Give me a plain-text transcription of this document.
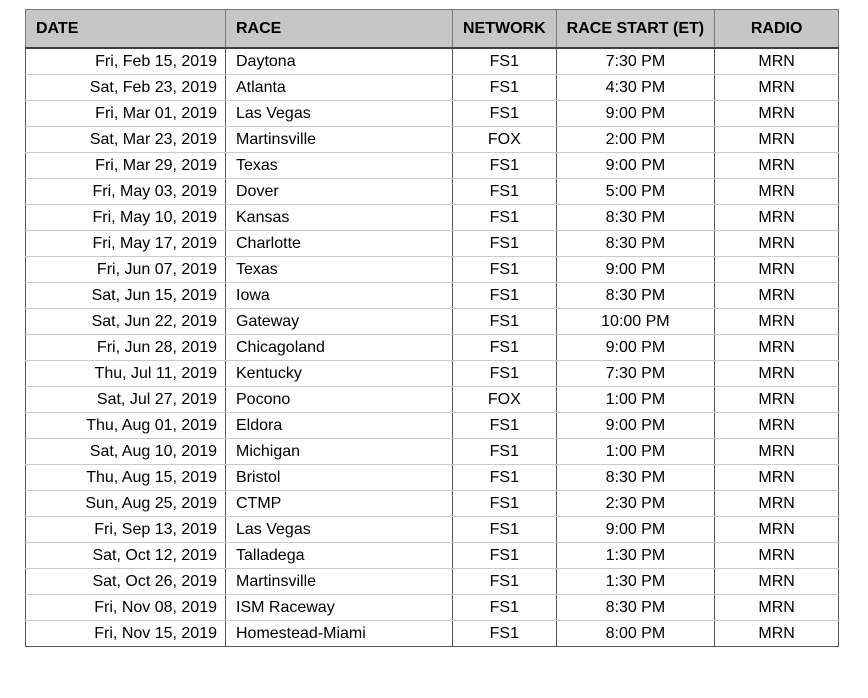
DATE	RACE	NETWORK	RACE START (ET)	RADIO
Fri, Feb 15, 2019	Daytona	FS1	7:30 PM	MRN
Sat, Feb 23, 2019	Atlanta	FS1	4:30 PM	MRN
Fri, Mar 01, 2019	Las Vegas	FS1	9:00 PM	MRN
Sat, Mar 23, 2019	Martinsville	FOX	2:00 PM	MRN
Fri, Mar 29, 2019	Texas	FS1	9:00 PM	MRN
Fri, May 03, 2019	Dover	FS1	5:00 PM	MRN
Fri, May 10, 2019	Kansas	FS1	8:30 PM	MRN
Fri, May 17, 2019	Charlotte	FS1	8:30 PM	MRN
Fri, Jun 07, 2019	Texas	FS1	9:00 PM	MRN
Sat, Jun 15, 2019	Iowa	FS1	8:30 PM	MRN
Sat, Jun 22, 2019	Gateway	FS1	10:00 PM	MRN
Fri, Jun 28, 2019	Chicagoland	FS1	9:00 PM	MRN
Thu, Jul 11, 2019	Kentucky	FS1	7:30 PM	MRN
Sat, Jul 27, 2019	Pocono	FOX	1:00 PM	MRN
Thu, Aug 01, 2019	Eldora	FS1	9:00 PM	MRN
Sat, Aug 10, 2019	Michigan	FS1	1:00 PM	MRN
Thu, Aug 15, 2019	Bristol	FS1	8:30 PM	MRN
Sun, Aug 25, 2019	CTMP	FS1	2:30 PM	MRN
Fri, Sep 13, 2019	Las Vegas	FS1	9:00 PM	MRN
Sat, Oct 12, 2019	Talladega	FS1	1:30 PM	MRN
Sat, Oct 26, 2019	Martinsville	FS1	1:30 PM	MRN
Fri, Nov 08, 2019	ISM Raceway	FS1	8:30 PM	MRN
Fri, Nov 15, 2019	Homestead-Miami	FS1	8:00 PM	MRN
